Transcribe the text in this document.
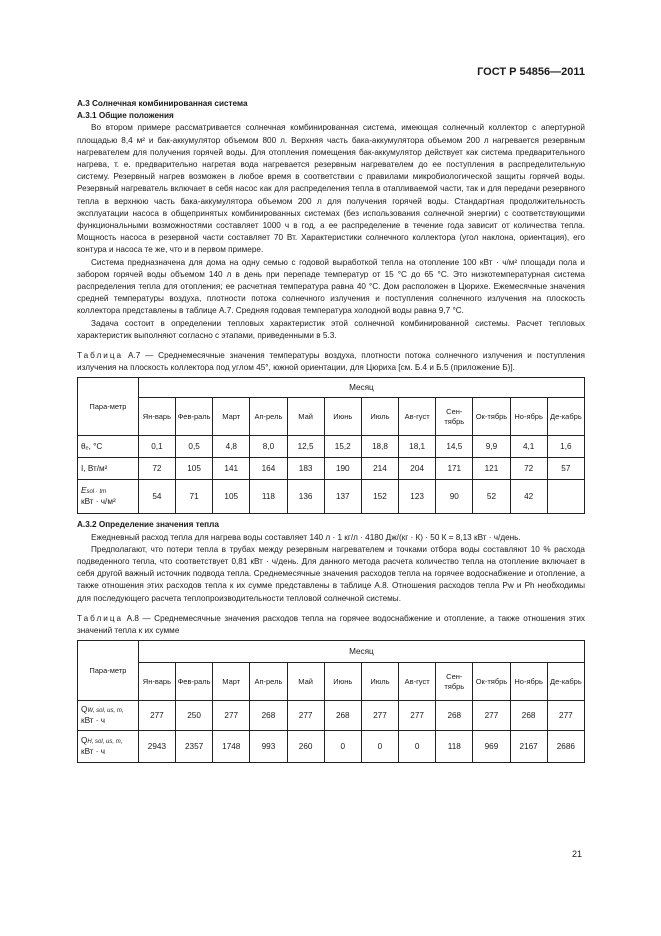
ГОСТ Р 54856—2011
А.3 Солнечная комбинированная система
А.3.1 Общие положения

Во втором примере рассматривается солнечная комбинированная система, имеющая солнечный коллектор с апертурной площадью 8,4 м² и бак-аккумулятор объемом 800 л. Верхняя часть бака-аккумулятора объемом 200 л нагревается резервным нагревателем для получения горячей воды. Для отопления помещения бак-аккумулятор действует как система предварительного нагрева, т. е. предварительно нагретая вода нагревается резервным нагревателем до ее поступления в распределительную систему. Резервный нагрев возможен в любое время в соответствии с правилами микробиологической защиты горячей воды. Резервный нагреватель включает в себя насос как для распределения тепла в отапливаемой части, так и для передачи резервного тепла в верхнюю часть бака-аккумулятора объемом 200 л для получения горячей воды. Стандартная продолжительность эксплуатации насоса в общепринятых комбинированных системах (без использования солнечной энергии) с соответствующими функциональными возможностями составляет 1000 ч в год, а ее распределение в течение года зависит от количества тепла. Мощность насоса в резервной части составляет 70 Вт. Характеристики солнечного коллектора (угол наклона, ориентация), его контура и насоса те же, что и в первом примере.

Система предназначена для дома на одну семью с годовой выработкой тепла на отопление 100 кВт · ч/м² площади пола и забором горячей воды объемом 140 л в день при перепаде температур от 15 °С до 65 °С. Это низкотемпературная система распределения тепла для отопления; ее расчетная температура равна 40 °С. Дом расположен в Цюрихе. Ежемесячные значения средней температуры воздуха, плотности потока солнечного излучения и поступления солнечного излучения на плоскость коллектора представлены в таблице А.7. Средняя годовая температура холодной воды равна 9,7 °С.

Задача состоит в определении тепловых характеристик этой солнечной комбинированной системы. Расчет тепловых характеристик выполняют согласно с этапами, приведенными в 5.3.

Таблица А.7 — Среднемесячные значения температуры воздуха, плотности потока солнечного излучения и поступления излучения на плоскость коллектора под углом 45°, южной ориентации, для Цюриха [см. Б.4 и Б.5 (приложение Б)].

Пара-метр	Месяц											
	Ян-варь	Фев-раль	Март	Ап-рель	Май	Июнь	Июль	Ав-густ	Сен-тябрь	Ок-тябрь	Но-ябрь	Де-кабрь
θₑ, °С	0,1	0,5	4,8	8,0	12,5	15,2	18,8	18,1	14,5	9,9	4,1	1,6
I, Вт/м²	72	105	141	164	183	190	214	204	171	121	72	57
Esol · tm
кВт · ч/м²	54	71	105	118	136	137	152	123	90	52	42	
А.3.2 Определение значения тепла

Ежедневный расход тепла для нагрева воды составляет 140 л · 1 кг/л · 4180 Дж/(кг · К) · 50 К = 8,13 кВт · ч/день.

Предполагают, что потери тепла в трубах между резервным нагревателем и точками отбора воды составляют 10 % расхода подведенного тепла, что соответствует 0,81 кВт · ч/день. Для данного метода расчета количество тепла на отопление включает в себя другой важный источник подвода тепла. Среднемесячные значения расходов тепла на горячее водоснабжение и отопление, а также отношения этих расходов тепла к их сумме представлены в таблице А.8. Отношения расходов тепла Pw и Ph необходимы для последующего расчета теплопроизводительности тепловой солнечной системы.

Таблица А.8 — Среднемесячные значения расходов тепла на горячее водоснабжение и отопление, а также отношения этих значений тепла к их сумме

Пара-метр	Месяц											
	Ян-варь	Фев-раль	Март	Ап-рель	Май	Июнь	Июль	Ав-густ	Сен-тябрь	Ок-тябрь	Но-ябрь	Де-кабрь
QW, sol, us, m,
кВт · ч	277	250	277	268	277	268	277	277	268	277	268	277
QH, sol, us, m,
кВт · ч	2943	2357	1748	993	260	0	0	0	118	969	2167	2686
21
